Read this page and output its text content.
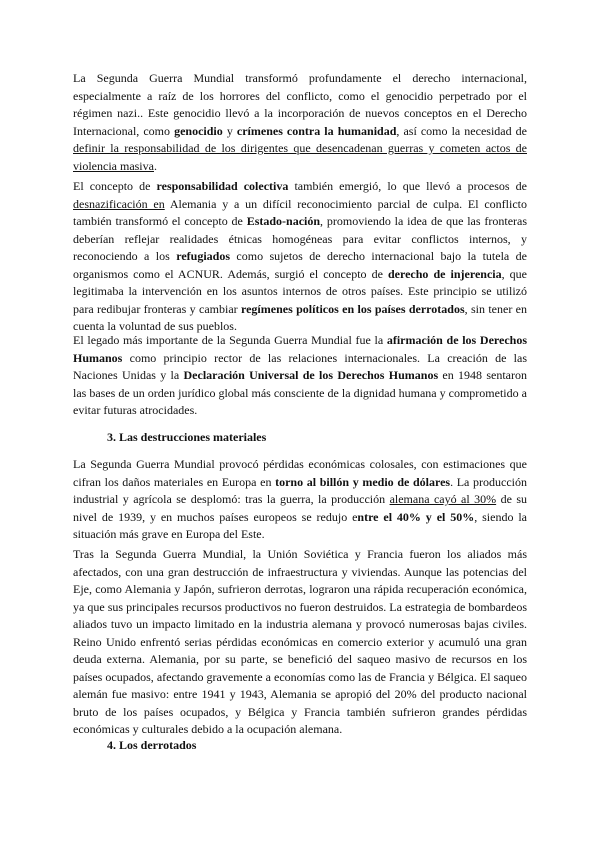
La Segunda Guerra Mundial transformó profundamente el derecho internacional, especialmente a raíz de los horrores del conflicto, como el genocidio perpetrado por el régimen nazi.. Este genocidio llevó a la incorporación de nuevos conceptos en el Derecho Internacional, como genocidio y crímenes contra la humanidad, así como la necesidad de definir la responsabilidad de los dirigentes que desencadenan guerras y cometen actos de violencia masiva.

El concepto de responsabilidad colectiva también emergió, lo que llevó a procesos de desnazificación en Alemania y a un difícil reconocimiento parcial de culpa. El conflicto también transformó el concepto de Estado-nación, promoviendo la idea de que las fronteras deberían reflejar realidades étnicas homogéneas para evitar conflictos internos, y reconociendo a los refugiados como sujetos de derecho internacional bajo la tutela de organismos como el ACNUR. Además, surgió el concepto de derecho de injerencia, que legitimaba la intervención en los asuntos internos de otros países. Este principio se utilizó para redibujar fronteras y cambiar regímenes políticos en los países derrotados, sin tener en cuenta la voluntad de sus pueblos.

El legado más importante de la Segunda Guerra Mundial fue la afirmación de los Derechos Humanos como principio rector de las relaciones internacionales. La creación de las Naciones Unidas y la Declaración Universal de los Derechos Humanos en 1948 sentaron las bases de un orden jurídico global más consciente de la dignidad humana y comprometido a evitar futuras atrocidades.

3. Las destrucciones materiales

La Segunda Guerra Mundial provocó pérdidas económicas colosales, con estimaciones que cifran los daños materiales en Europa en torno al billón y medio de dólares. La producción industrial y agrícola se desplomó: tras la guerra, la producción alemana cayó al 30% de su nivel de 1939, y en muchos países europeos se redujo entre el 40% y el 50%, siendo la situación más grave en Europa del Este.

Tras la Segunda Guerra Mundial, la Unión Soviética y Francia fueron los aliados más afectados, con una gran destrucción de infraestructura y viviendas. Aunque las potencias del Eje, como Alemania y Japón, sufrieron derrotas, lograron una rápida recuperación económica, ya que sus principales recursos productivos no fueron destruidos. La estrategia de bombardeos aliados tuvo un impacto limitado en la industria alemana y provocó numerosas bajas civiles. Reino Unido enfrentó serias pérdidas económicas en comercio exterior y acumuló una gran deuda externa. Alemania, por su parte, se benefició del saqueo masivo de recursos en los países ocupados, afectando gravemente a economías como las de Francia y Bélgica. El saqueo alemán fue masivo: entre 1941 y 1943, Alemania se apropió del 20% del producto nacional bruto de los países ocupados, y Bélgica y Francia también sufrieron grandes pérdidas económicas y culturales debido a la ocupación alemana.

4. Los derrotados
